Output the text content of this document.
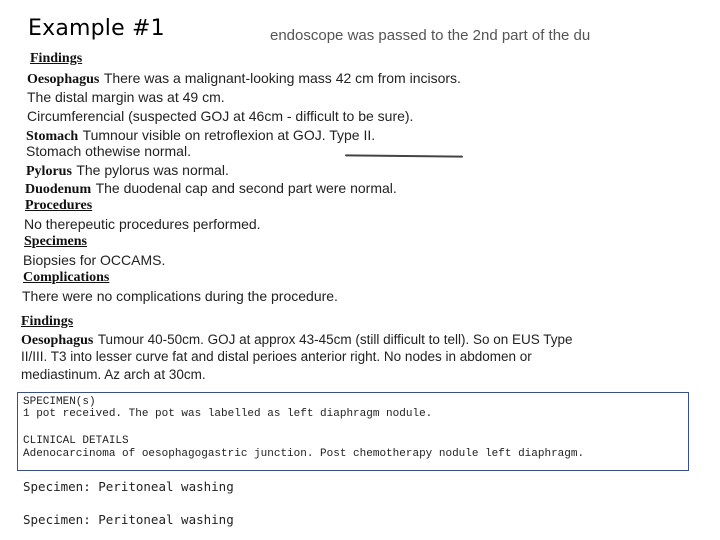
Example #1	endoscope was passed to the 2nd part of the du
Findings
Oesophagus There was a malignant-looking mass 42 cm from incisors.
The distal margin was at 49 cm.
Circumferencial (suspected GOJ at 46cm - difficult to be sure).
Stomach Tumnour visible on retroflexion at GOJ. Type II.
Stomach othewise normal.
Pylorus The pylorus was normal.
Duodenum The duodenal cap and second part were normal.
Procedures
No therepeutic procedures performed.
Specimens
Biopsies for OCCAMS.
Complications
There were no complications during the procedure.
Findings
Oesophagus Tumour 40-50cm. GOJ at approx 43-45cm (still difficult to tell). So on EUS Type
II/III. T3 into lesser curve fat and distal perioes anterior right. No nodes in abdomen or
mediastinum. Az arch at 30cm.
SPECIMEN(s)
1 pot received. The pot was labelled as left diaphragm nodule.
CLINICAL DETAILS
Adenocarcinoma of oesophagogastric junction. Post chemotherapy nodule left diaphragm.
Specimen: Peritoneal washing
Specimen: Peritoneal washing
